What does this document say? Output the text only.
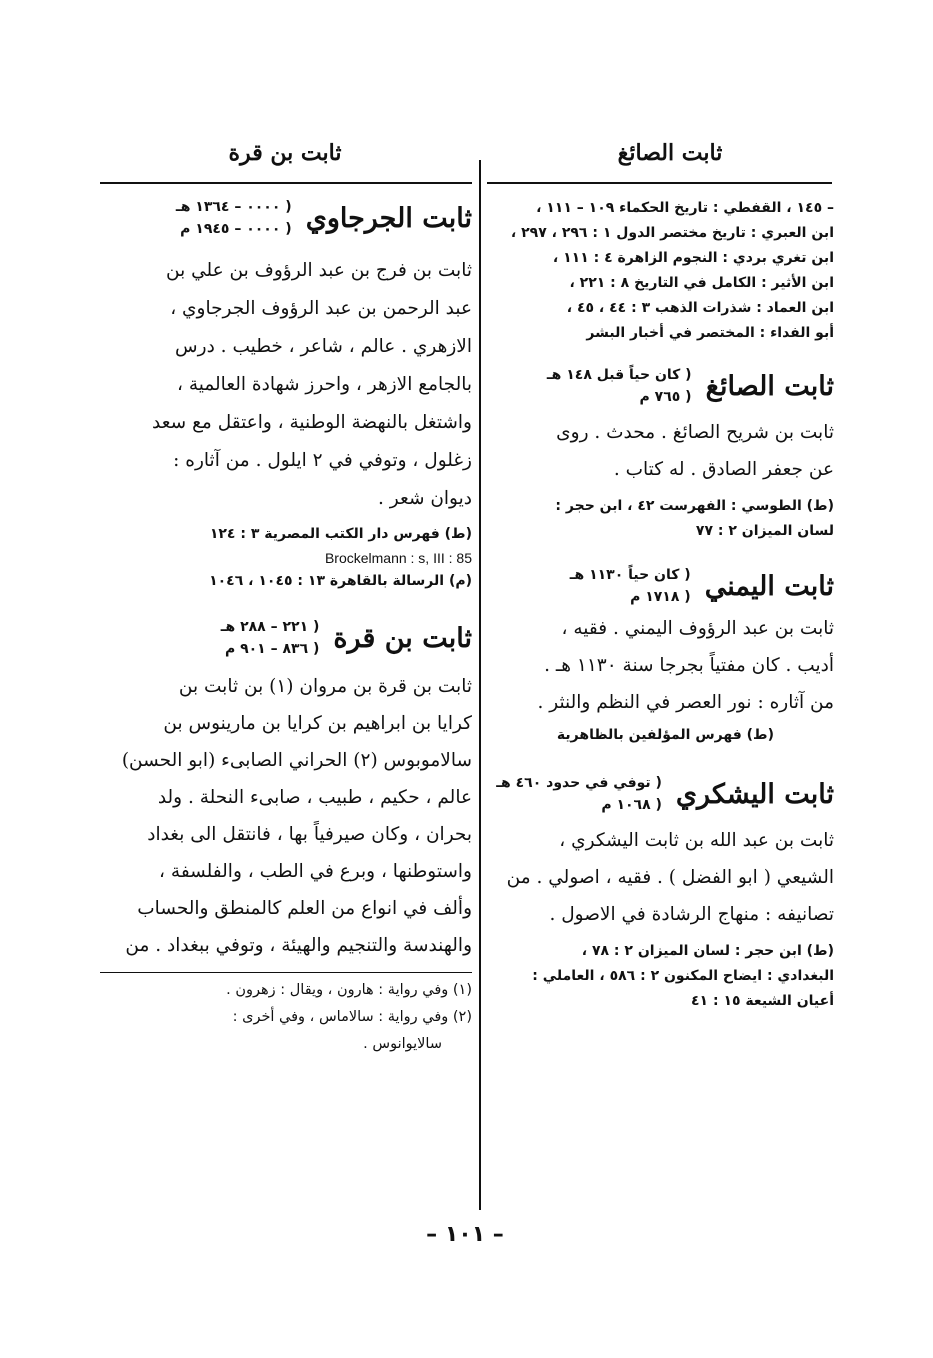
ثابت الصائغ
ثابت بن قرة
– ١٤٥ ، القفطي : تاريخ الحكماء ١٠٩ – ١١١ ،
ابن العبري : تاريخ مختصر الدول ١ : ٢٩٦ ، ٢٩٧ ،
ابن تغري بردي : النجوم الزاهرة ٤ : ١١١ ،
ابن الأثير : الكامل في التاريخ ٨ : ٢٢١ ،
ابن العماد : شذرات الذهب ٣ : ٤٤ ، ٤٥ ،
أبو الفداء : المختصر في أخبار البشر
ثابت الصائغ
( كان حياً قبل ١٤٨ هـ
( ٧٦٥ م
ثابت بن شريح الصائغ . محدث . روى
عن جعفر الصادق . له كتاب .
(ط) الطوسي : الفهرست ٤٢ ، ابن حجر :
لسان الميزان ٢ : ٧٧
ثابت اليمني
( كان حياً ١١٣٠ هـ
( ١٧١٨ م
ثابت بن عبد الرؤوف اليمني . فقيه ،
أديب . كان مفتياً بجرجا سنة ١١٣٠ هـ .
من آثاره : نور العصر في النظم والنثر .
(ط) فهرس المؤلفين بالظاهرية
ثابت اليشكري
( توفي في حدود ٤٦٠ هـ
( ١٠٦٨ م
ثابت بن عبد الله بن ثابت اليشكري ،
الشيعي ( ابو الفضل ) . فقيه ، اصولي . من
تصانيفه : منهاج الرشادة في الاصول .
(ط) ابن حجر : لسان الميزان ٢ : ٧٨ ،
البغدادي : ايضاح المكنون ٢ : ٥٨٦ ، العاملي :
أعيان الشيعة ١٥ : ٤١
ثابت الجرجاوي
( ٠٠٠٠ – ١٣٦٤ هـ
( ٠٠٠٠ – ١٩٤٥ م
ثابت بن فرج بن عبد الرؤوف بن علي بن
عبد الرحمن بن عبد الرؤوف الجرجاوي ،
الازهري . عالم ، شاعر ، خطيب . درس
بالجامع الازهر ، واحرز شهادة العالمية ،
واشتغل بالنهضة الوطنية ، واعتقل مع سعد
زغلول ، وتوفي في ٢ ايلول . من آثاره :
ديوان شعر .
(ط) فهرس دار الكتب المصرية ٣ : ١٢٤
Brockelmann : s, III : 85
(م) الرسالة بالقاهرة ١٣ : ١٠٤٥ ، ١٠٤٦
ثابت بن قرة
( ٢٢١ – ٢٨٨ هـ
( ٨٣٦ – ٩٠١ م
ثابت بن قرة بن مروان (١) بن ثابت بن
كرايا بن ابراهيم بن كرايا بن مارينوس بن
سالاموبوس (٢) الحراني الصابىء (ابو الحسن)
عالم ، حكيم ، طبيب ، صابىء النحلة . ولد
بحران ، وكان صيرفياً بها ، فانتقل الى بغداد
واستوطنها ، وبرع في الطب ، والفلسفة ،
وألف في انواع من العلم كالمنطق والحساب
والهندسة والتنجيم والهيئة ، وتوفي ببغداد . من
(١) وفي رواية : هارون ، ويقال : زهرون .
(٢) وفي رواية : سالاماس ، وفي أخرى :
سالايوانوس .
– ١٠١ –
